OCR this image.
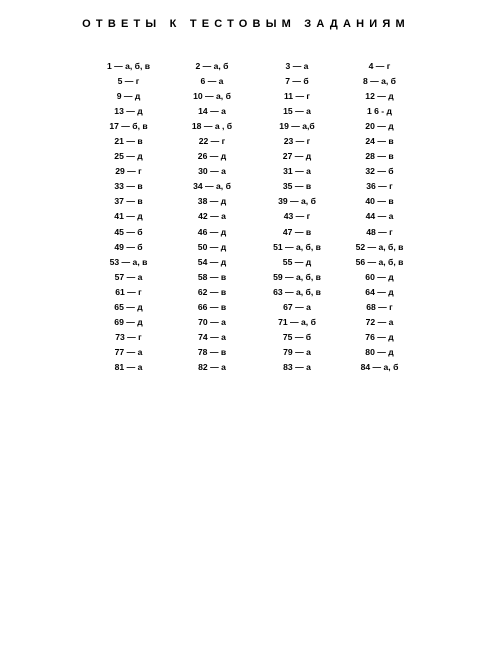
ОТВЕТЫ К ТЕСТОВЫМ ЗАДАНИЯМ
1 — а, б, в	2 — а, б	3 — а	4 — г
5 — г	6 — а	7 — б	8 — а, б
9 — д	10 — а, б	11 — г	12 — д
13 — д	14 — а	15 — а	1 6 - д
17 — б, в	18 — а , б	19 — а,б	20 — д
21 — в	22 — г	23 — г	24 — в
25 — д	26 — д	27 — д	28 — в
29 — г	30 — а	31 — а	32 — б
33 — в	34 — а, б	35 — в	36 — г
37 — в	38 — д	39 — а, б	40 — в
41 — д	42 — а	43 — г	44 — а
45 — б	46 — д	47 — в	48 — г
49 — б	50 — д	51 — а, б, в	52 — а, б, в
53 — а, в	54 — д	55 — д	56 — а, б, в
57 — а	58 — в	59 — а, б, в	60 — д
61 — г	62 — в	63 — а, б, в	64 — д
65 — д	66 — в	67 — а	68 — г
69 — д	70 — а	71 — а, б	72 — а
73 — г	74 — а	75 — б	76 — д
77 — а	78 — в	79 — а	80 — д
81 — а	82 — а	83 — а	84 — а, б
